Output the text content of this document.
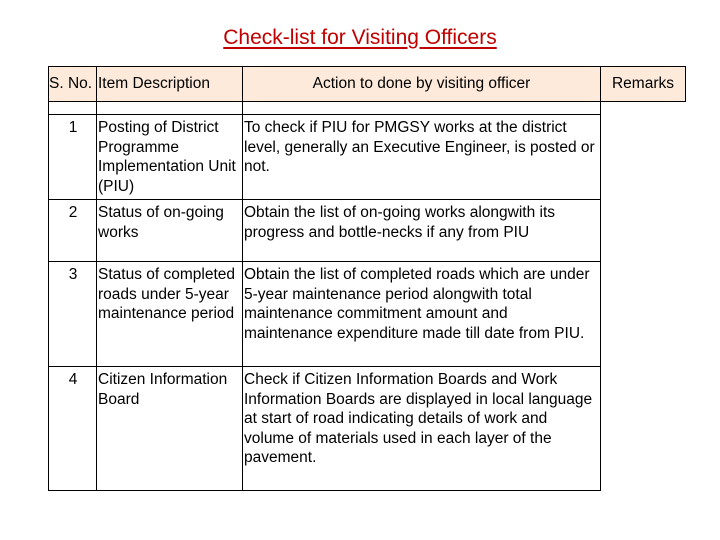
Check-list for Visiting Officers
S. No.	Item Description	Action to done by visiting officer	Remarks

1	Posting of District Programme Implementation Unit (PIU)	To check if PIU for PMGSY works at the district level, generally an Executive Engineer, is posted or not.	
2	Status of on-going works	Obtain the list of on-going works alongwith its progress and bottle-necks if any from PIU	
3	Status of completed roads under 5-year maintenance period	Obtain the list of completed roads which are under 5-year maintenance period alongwith total maintenance commitment amount and maintenance expenditure made till date from PIU.	
4	Citizen Information Board	Check if Citizen Information Boards and Work Information Boards are displayed in local language at start of road indicating details of work and volume of materials used in each layer of the pavement.	
